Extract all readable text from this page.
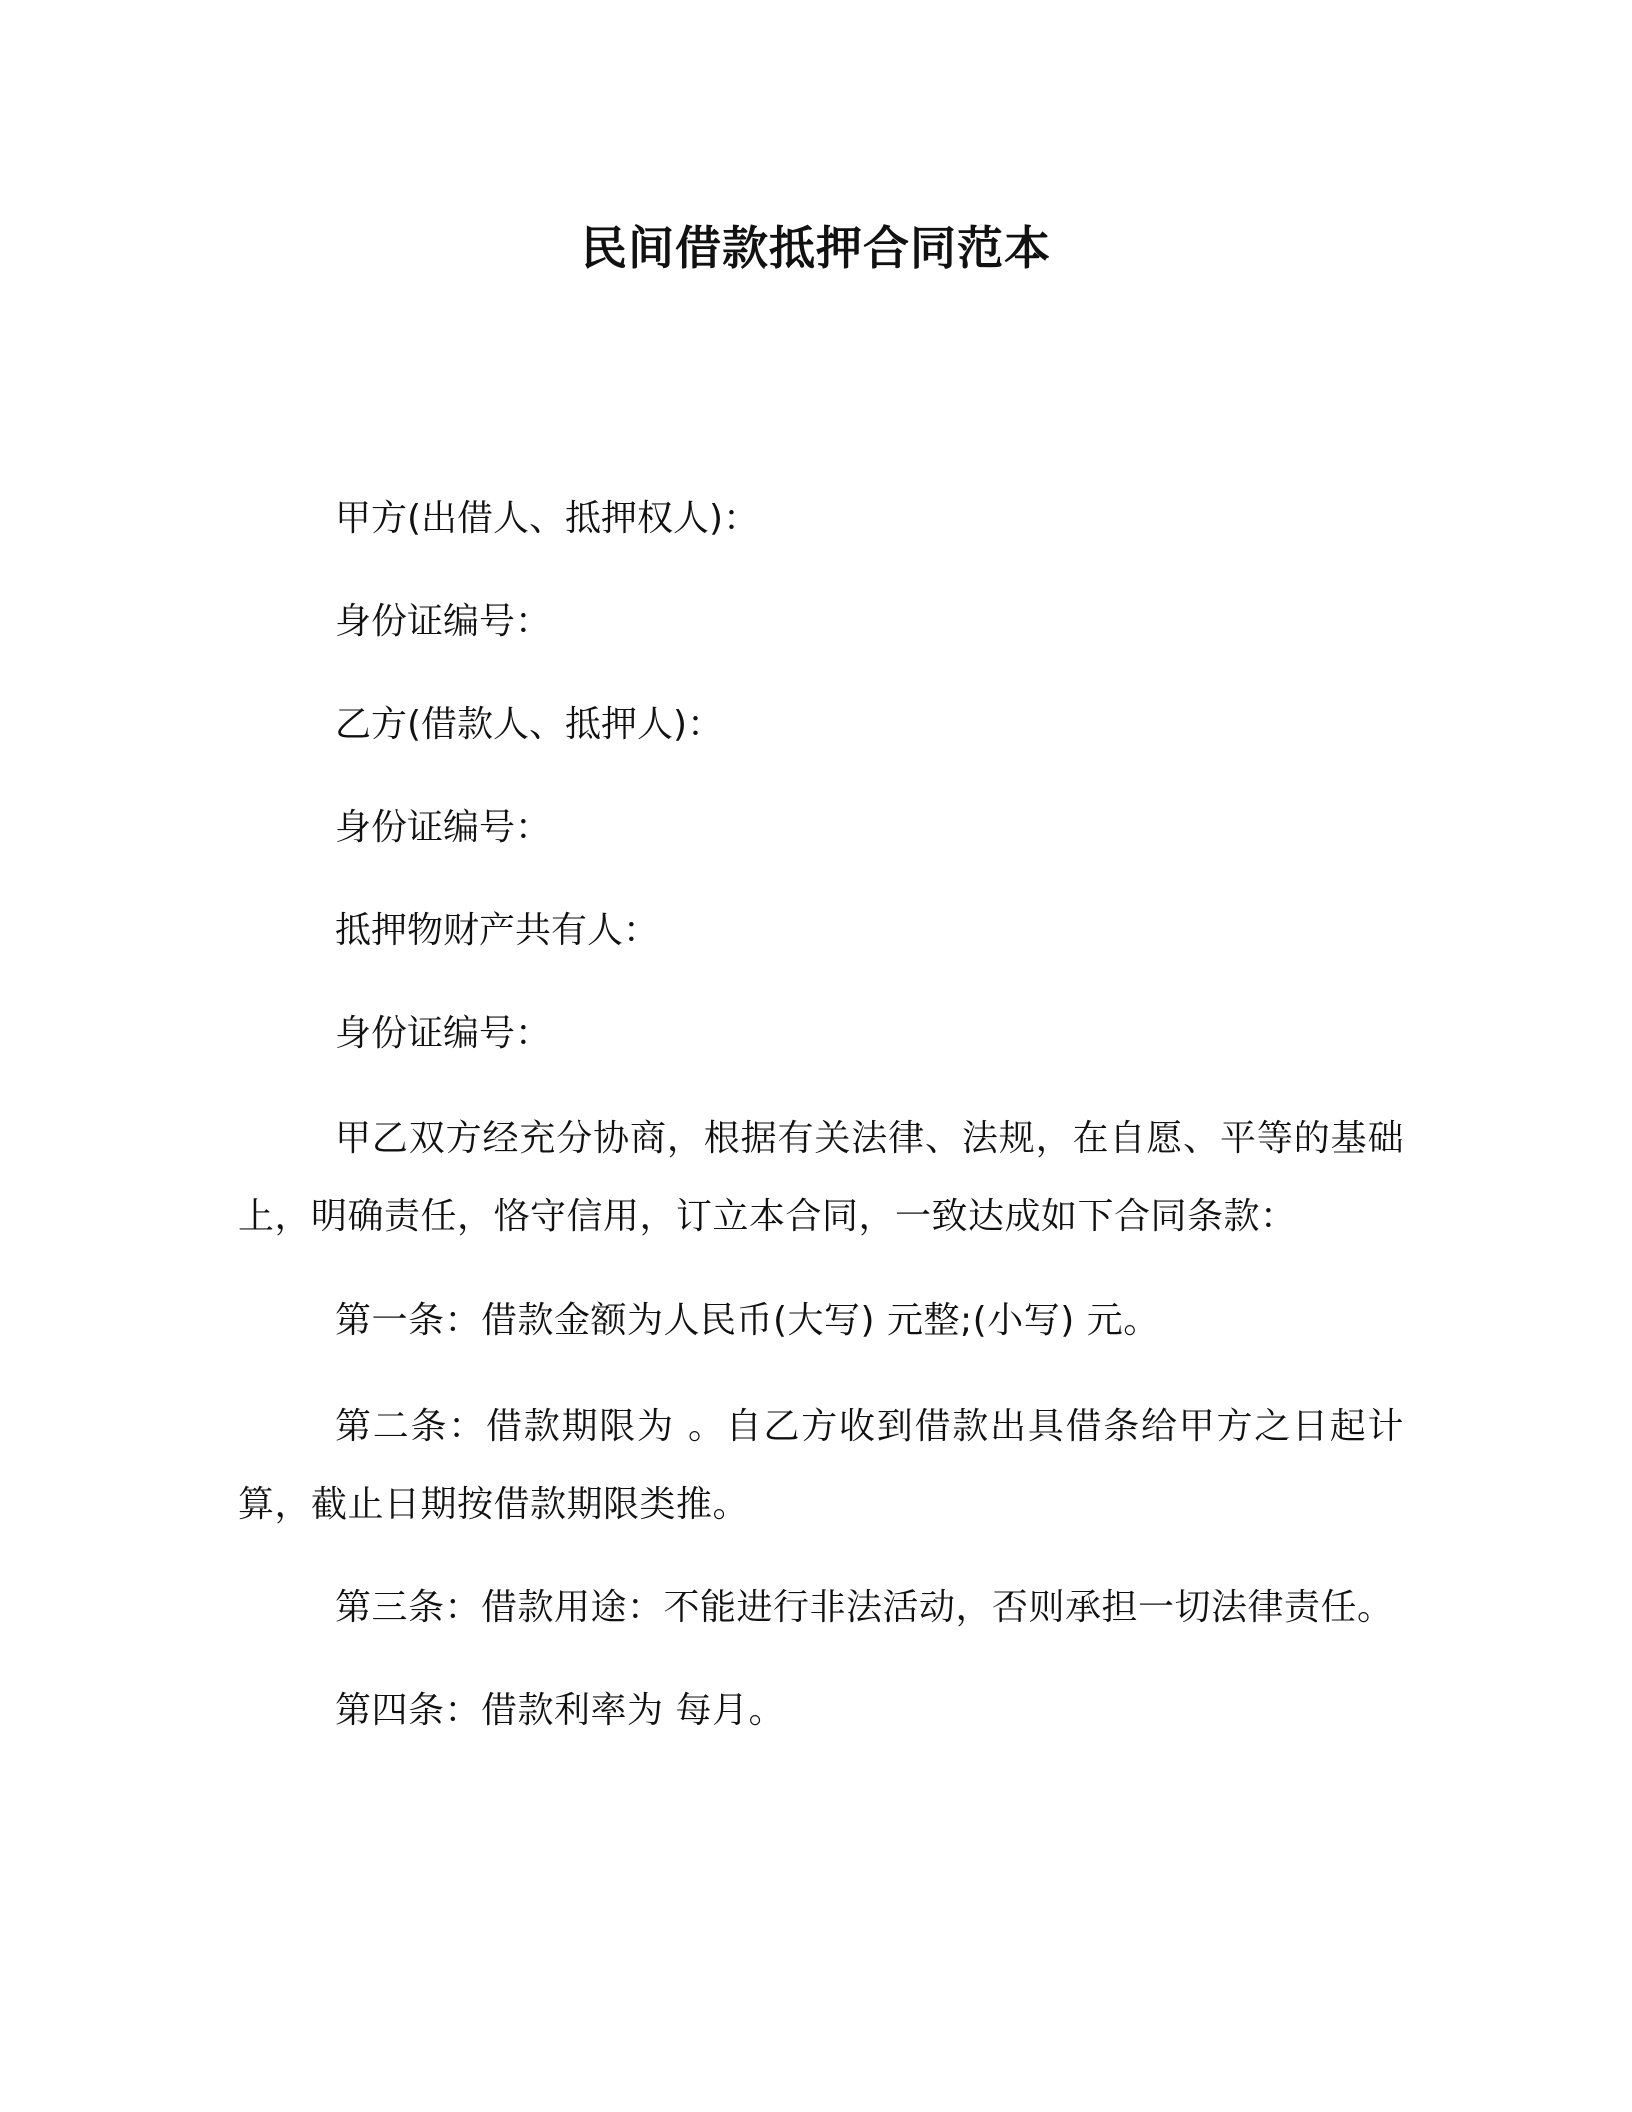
民间借款抵押合同范本
甲方(出借人、抵押权人)：
身份证编号：
乙方(借款人、抵押人)：
身份证编号：
抵押物财产共有人：
身份证编号：
甲乙双方经充分协商，根据有关法律、法规，在自愿、平等的基础上，明确责任，恪守信用，订立本合同，一致达成如下合同条款：
第一条：借款金额为人民币(大写) 元整;(小写) 元。
第二条：借款期限为 。自乙方收到借款出具借条给甲方之日起计算，截止日期按借款期限类推。
第三条：借款用途：不能进行非法活动，否则承担一切法律责任。
第四条：借款利率为 每月。
